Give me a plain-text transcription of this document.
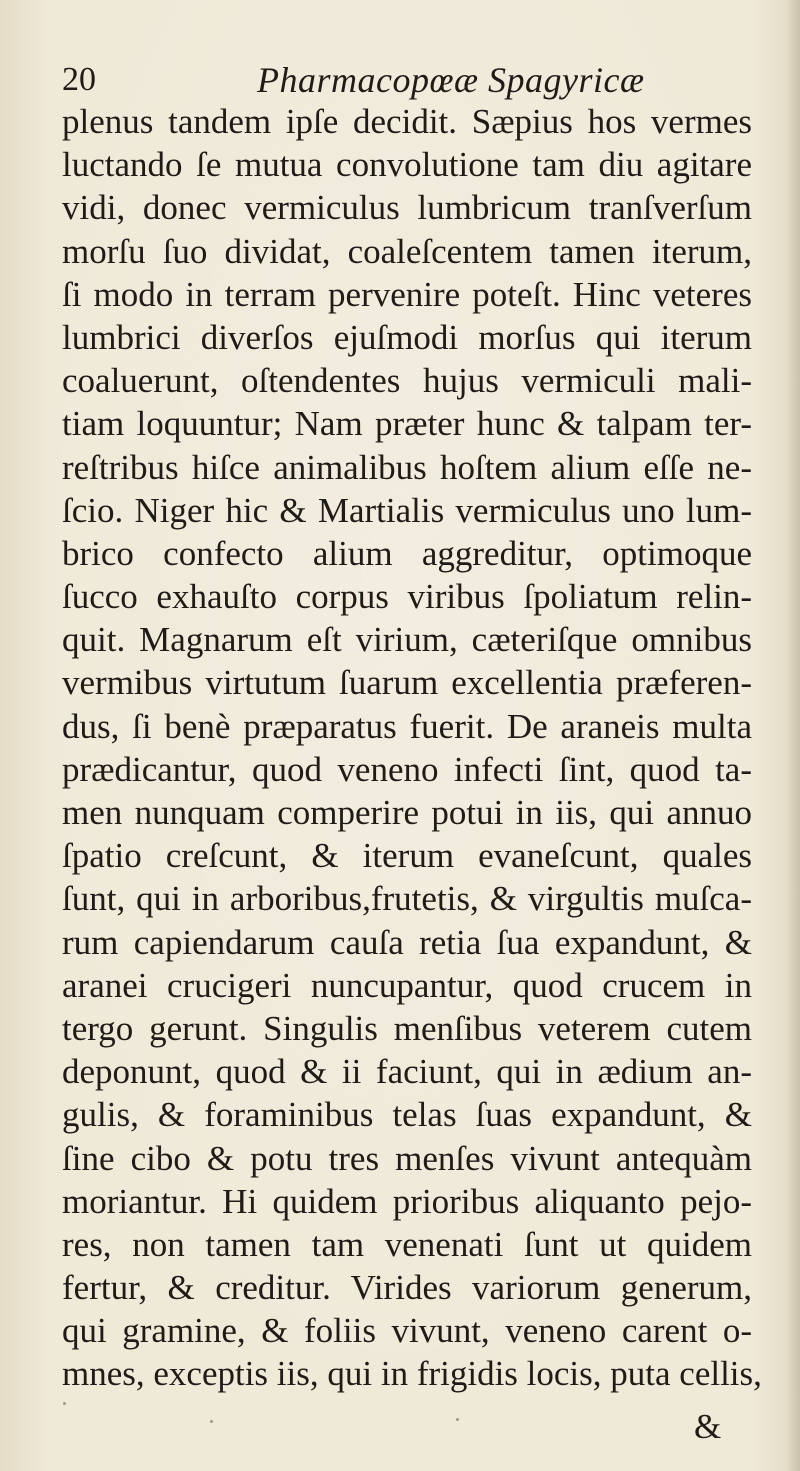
20	Pharmacopœæ Spagyricæ
plenus tandem ipſe decidit. Sæpius hos vermes
luctando ſe mutua convolutione tam diu agitare
vidi, donec vermiculus lumbricum tranſverſum
morſu ſuo dividat, coaleſcentem tamen iterum,
ſi modo in terram pervenire poteſt. Hinc veteres
lumbrici diverſos ejuſmodi morſus qui iterum
coaluerunt, oſtendentes hujus vermiculi mali-
tiam loquuntur; Nam præter hunc & talpam ter-
reſtribus hiſce animalibus hoſtem alium eſſe ne-
ſcio. Niger hic & Martialis vermiculus uno lum-
brico confecto alium aggreditur, optimoque
ſucco exhauſto corpus viribus ſpoliatum relin-
quit. Magnarum eſt virium, cæteriſque omnibus
vermibus virtutum ſuarum excellentia præferen-
dus, ſi benè præparatus fuerit. De araneis multa
prædicantur, quod veneno infecti ſint, quod ta-
men nunquam comperire potui in iis, qui annuo
ſpatio creſcunt, & iterum evaneſcunt, quales
ſunt, qui in arboribus,frutetis, & virgultis muſca-
rum capiendarum cauſa retia ſua expandunt, &
aranei crucigeri nuncupantur, quod crucem in
tergo gerunt. Singulis menſibus veterem cutem
deponunt, quod & ii faciunt, qui in ædium an-
gulis, & foraminibus telas ſuas expandunt, &
ſine cibo & potu tres menſes vivunt antequàm
moriantur. Hi quidem prioribus aliquanto pejo-
res, non tamen tam venenati ſunt ut quidem
fertur, & creditur. Virides variorum generum,
qui gramine, & foliis vivunt, veneno carent o-
mnes, exceptis iis, qui in frigidis locis, puta cellis,
&
